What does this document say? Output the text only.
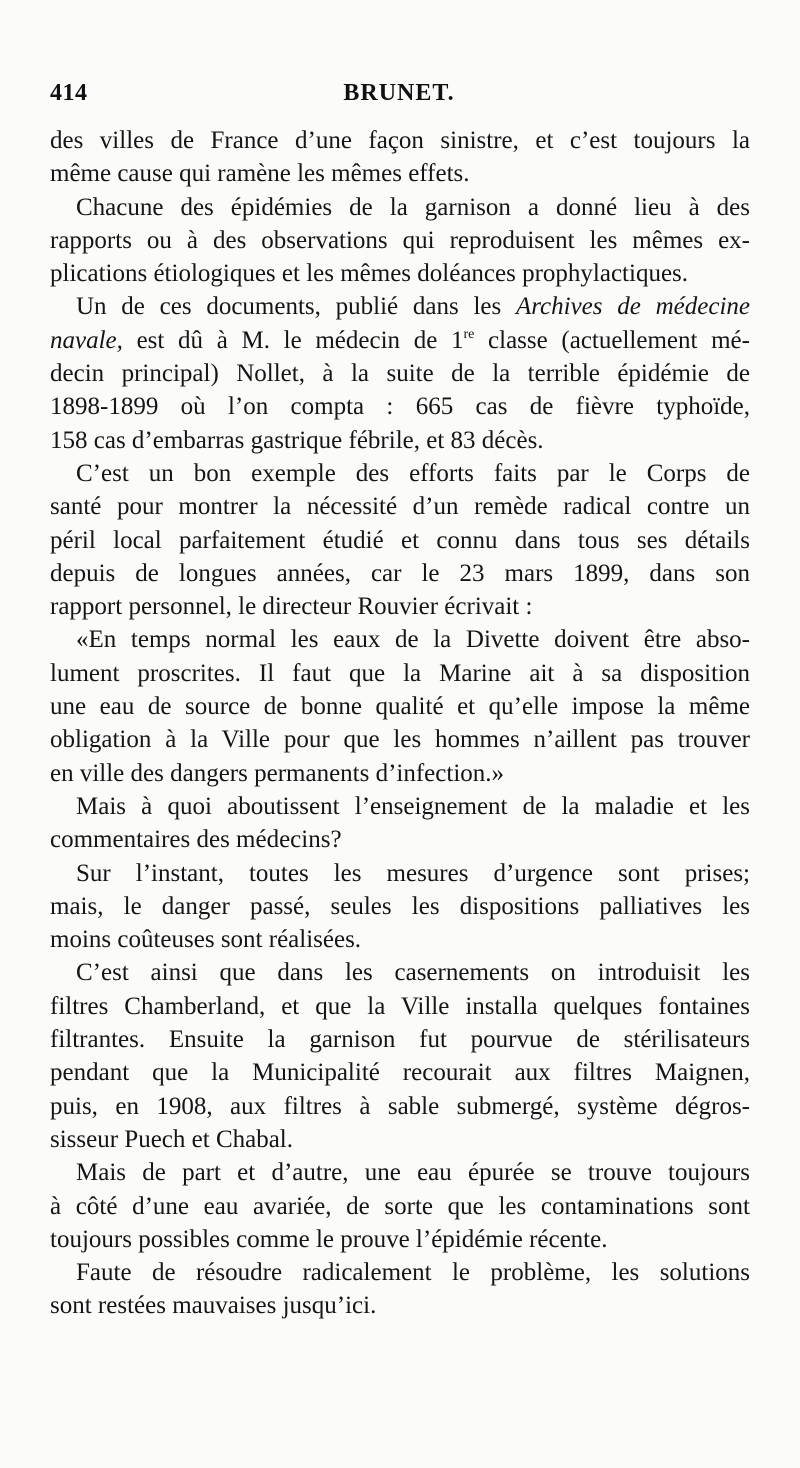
414	BRUNET.
des villes de France d’une façon sinistre, et c’est toujours la
même cause qui ramène les mêmes effets.
Chacune des épidémies de la garnison a donné lieu à des
rapports ou à des observations qui reproduisent les mêmes ex-
plications étiologiques et les mêmes doléances prophylactiques.
Un de ces documents, publié dans les Archives de médecine
navale, est dû à M. le médecin de 1re classe (actuellement mé-
decin principal) Nollet, à la suite de la terrible épidémie de
1898-1899 où l’on compta : 665 cas de fièvre typhoïde,
158 cas d’embarras gastrique fébrile, et 83 décès.
C’est un bon exemple des efforts faits par le Corps de
santé pour montrer la nécessité d’un remède radical contre un
péril local parfaitement étudié et connu dans tous ses détails
depuis de longues années, car le 23 mars 1899, dans son
rapport personnel, le directeur Rouvier écrivait :
«En temps normal les eaux de la Divette doivent être abso-
lument proscrites. Il faut que la Marine ait à sa disposition
une eau de source de bonne qualité et qu’elle impose la même
obligation à la Ville pour que les hommes n’aillent pas trouver
en ville des dangers permanents d’infection.»
Mais à quoi aboutissent l’enseignement de la maladie et les
commentaires des médecins?
Sur l’instant, toutes les mesures d’urgence sont prises;
mais, le danger passé, seules les dispositions palliatives les
moins coûteuses sont réalisées.
C’est ainsi que dans les casernements on introduisit les
filtres Chamberland, et que la Ville installa quelques fontaines
filtrantes. Ensuite la garnison fut pourvue de stérilisateurs
pendant que la Municipalité recourait aux filtres Maignen,
puis, en 1908, aux filtres à sable submergé, système dégros-
sisseur Puech et Chabal.
Mais de part et d’autre, une eau épurée se trouve toujours
à côté d’une eau avariée, de sorte que les contaminations sont
toujours possibles comme le prouve l’épidémie récente.
Faute de résoudre radicalement le problème, les solutions
sont restées mauvaises jusqu’ici.
